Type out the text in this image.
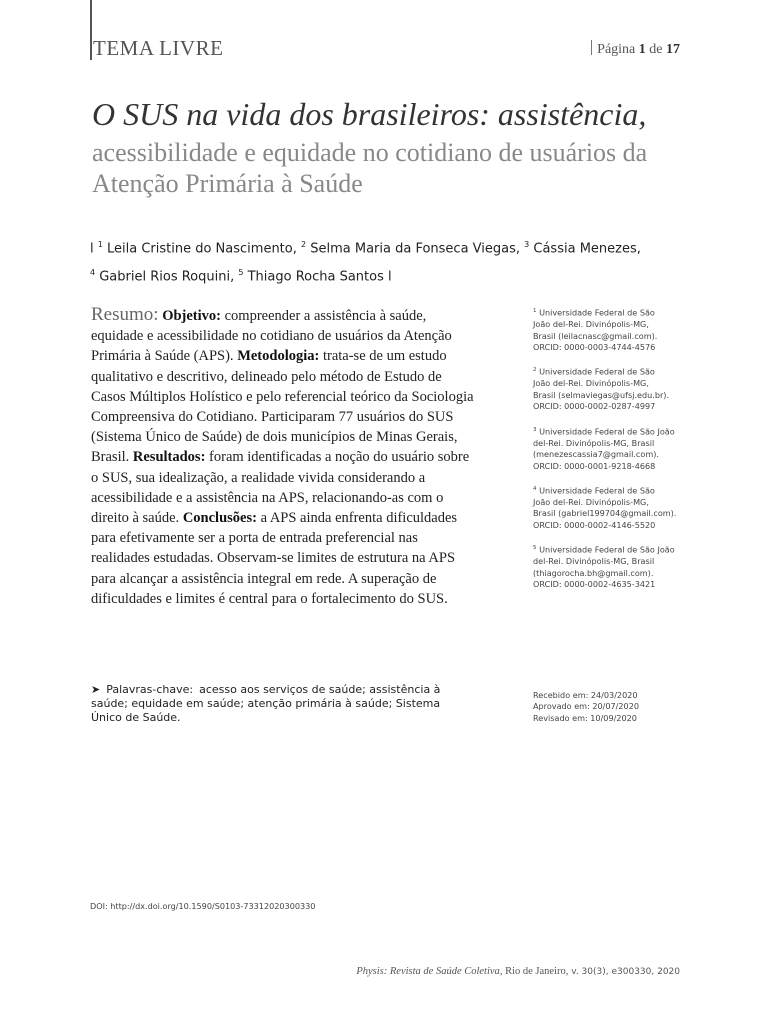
TEMA LIVRE	Página 1 de 17
O SUS na vida dos brasileiros: assistência,
acessibilidade e equidade no cotidiano de usuários da Atenção Primária à Saúde
l $^1$ Leila Cristine do Nascimento, $^2$ Selma Maria da Fonseca Viegas, $^3$ Cássia Menezes,
$^4$ Gabriel Rios Roquini, $^5$ Thiago Rocha Santos l
Resumo: Objetivo: compreender a assistência à saúde, equidade e acessibilidade no cotidiano de usuários da Atenção Primária à Saúde (APS). Metodologia: trata-se de um estudo qualitativo e descritivo, delineado pelo método de Estudo de Casos Múltiplos Holístico e pelo referencial teórico da Sociologia Compreensiva do Cotidiano. Participaram 77 usuários do SUS (Sistema Único de Saúde) de dois municípios de Minas Gerais, Brasil. Resultados: foram identificadas a noção do usuário sobre o SUS, sua idealização, a realidade vivida considerando a acessibilidade e a assistência na APS, relacionando-as com o direito à saúde. Conclusões: a APS ainda enfrenta dificuldades para efetivamente ser a porta de entrada preferencial nas realidades estudadas. Observam-se limites de estrutura na APS para alcançar a assistência integral em rede. A superação de dificuldades e limites é central para o fortalecimento do SUS.
➤ Palavras-chave: acesso aos serviços de saúde; assistência à saúde; equidade em saúde; atenção primária à saúde; Sistema Único de Saúde.
$^1$ Universidade Federal de São
João del-Rei. Divinópolis-MG,
Brasil (leilacnasc@gmail.com).
ORCID: 0000-0003-4744-4576
$^2$ Universidade Federal de São
João del-Rei. Divinópolis-MG,
Brasil (selmaviegas@ufsj.edu.br).
ORCID: 0000-0002-0287-4997
$^3$ Universidade Federal de São João
del-Rei. Divinópolis-MG, Brasil
(menezescassia7@gmail.com).
ORCID: 0000-0001-9218-4668
$^4$ Universidade Federal de São
João del-Rei. Divinópolis-MG,
Brasil (gabriel199704@gmail.com).
ORCID: 0000-0002-4146-5520
$^5$ Universidade Federal de São João
del-Rei. Divinópolis-MG, Brasil
(thiagorocha.bh@gmail.com).
ORCID: 0000-0002-4635-3421
Recebido em: 24/03/2020
Aprovado em: 20/07/2020
Revisado em: 10/09/2020
DOI: http://dx.doi.org/10.1590/S0103-73312020300330
Physis: Revista de Saúde Coletiva, Rio de Janeiro, v. 30(3), e300330, 2020
